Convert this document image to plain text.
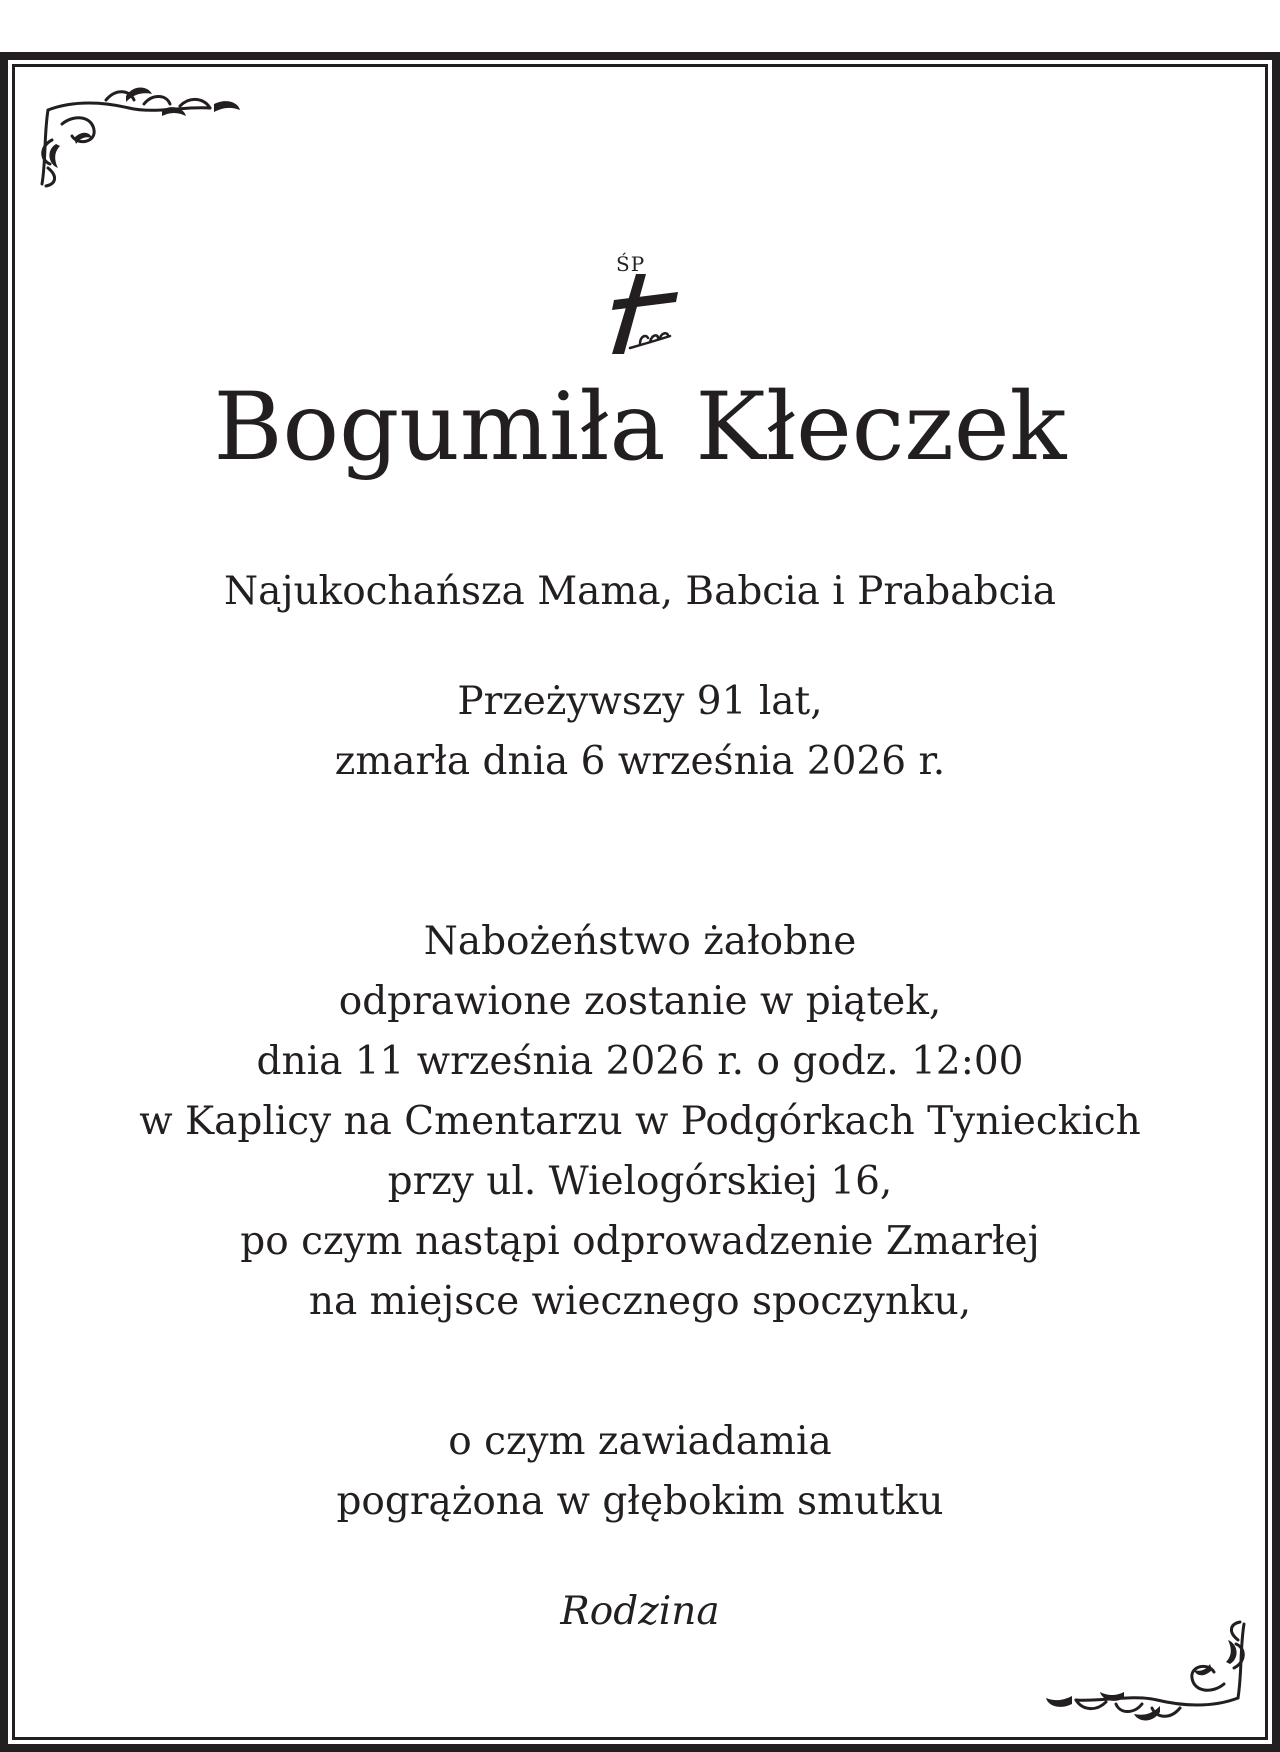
ŚP
Bogumiła Kłeczek
Najukochańsza Mama, Babcia i Prababcia
Przeżywszy 91 lat,
zmarła dnia 6 września 2026 r.
Nabożeństwo żałobne
odprawione zostanie w piątek,
dnia 11 września 2026 r. o godz. 12:00
w Kaplicy na Cmentarzu w Podgórkach Tynieckich
przy ul. Wielogórskiej 16,
po czym nastąpi odprowadzenie Zmarłej
na miejsce wiecznego spoczynku,
o czym zawiadamia
pogrążona w głębokim smutku
Rodzina
